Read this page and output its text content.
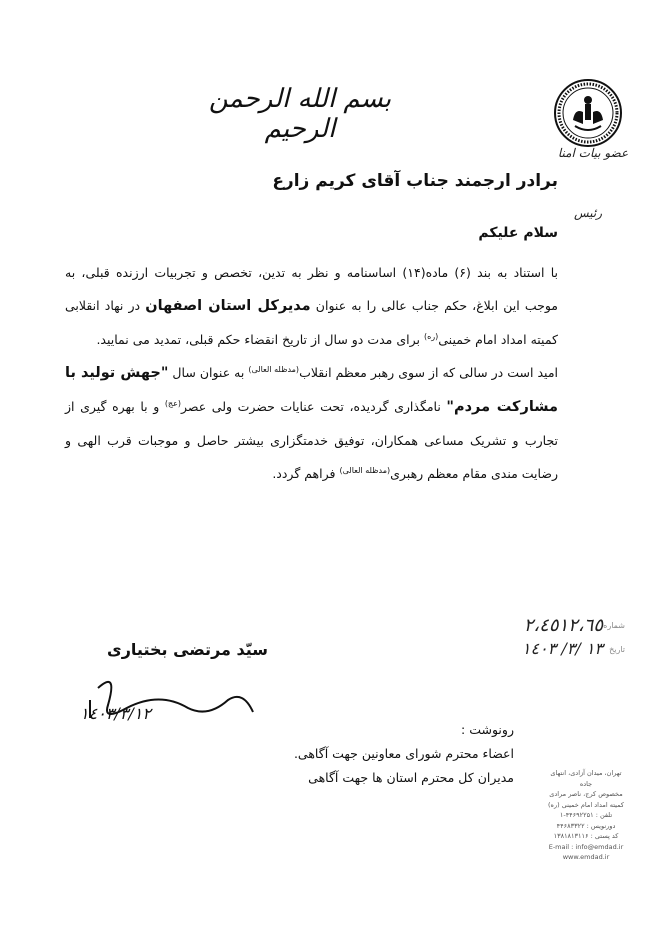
بسم الله الرحمن الرحیم
عضو بیات امنا
رئیس
برادر ارجمند جناب آقای کریم زارع
سلام علیکم

با استناد به بند (۶) ماده(۱۴) اساسنامه و نظر به تدین، تخصص و تجربیات ارزنده قبلی، به موجب این ابلاغ، حکم جناب عالی را به عنوان مدیرکل استان اصفهان در نهاد انقلابی کمیته امداد امام خمینی$^{(ره)}$ برای مدت دو سال از تاریخ انقضاء حکم قبلی، تمدید می نمایید.

امید است در سالی که از سوی رهبر معظم انقلاب$^{(مدظله العالی)}$ به عنوان سال "جهش تولید با مشارکت مردم" نامگذاری گردیده، تحت عنایات حضرت ولی عصر$^{(عج)}$ و با بهره گیری از تجارب و تشریک مساعی همکاران، توفیق خدمتگزاری بیشتر حاصل و موجبات قرب الهی و رضایت مندی مقام معظم رهبری$^{(مدظله العالی)}$ فراهم گردد.

شماره
۲،٤٥١٢،٦٥
تاریخ
۱٤۰۳ /۳/ ۱۳
سیّد مرتضی بختیاری
۱٤۰۳/۳/۱۲
رونوشت :
اعضاء محترم شورای معاونین جهت آگاهی.
مدیران کل محترم استان ها جهت آگاهی	تهران، میدان آزادی، انتهای جاده
مخصوص کرج، ناصر مرادی
کمیته امداد امام خمینی (ره)
تلفن : ۴۴۶۹۲۲۵۱-۱
دورنویس : ۴۴۶۸۳۳۲۲
کد پستی : ۱۳۸۱۸۱۳۱۱۶
E-mail : info@emdad.ir
www.emdad.ir
